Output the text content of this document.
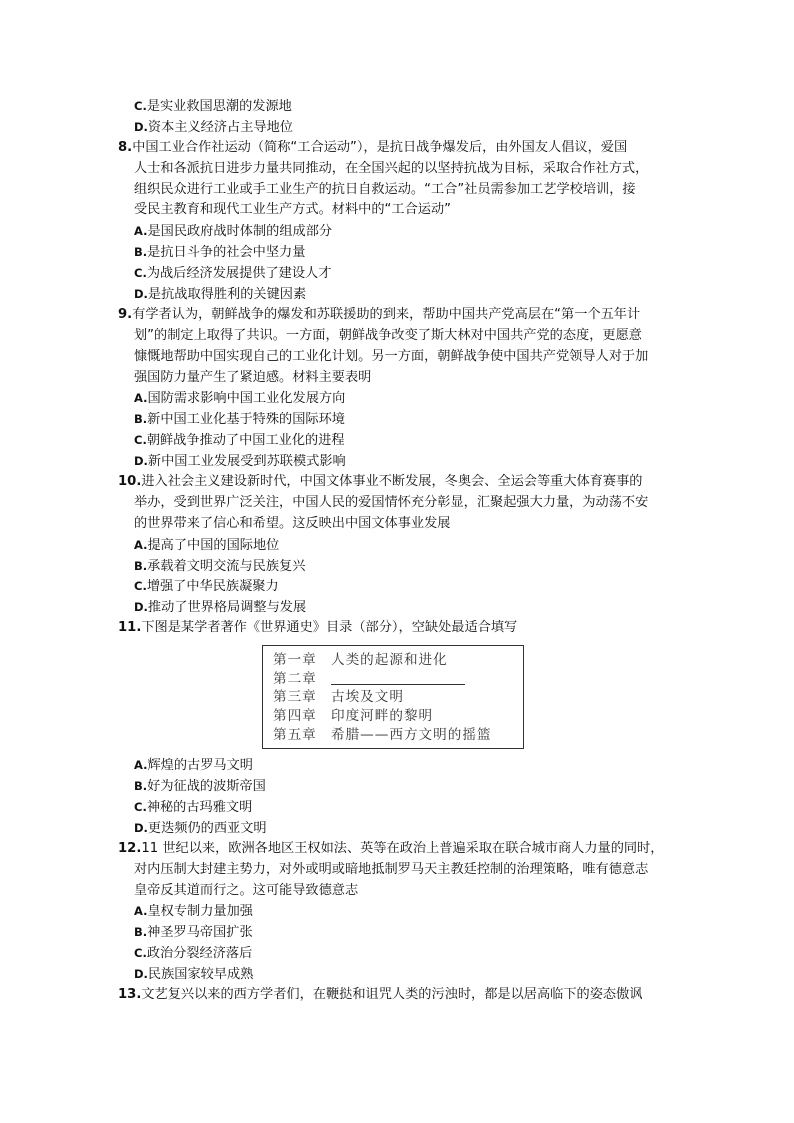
C.是实业救国思潮的发源地
D.资本主义经济占主导地位
8.中国工业合作社运动（简称“工合运动”），是抗日战争爆发后，由外国友人倡议，爱国
人士和各派抗日进步力量共同推动，在全国兴起的以坚持抗战为目标，采取合作社方式，
组织民众进行工业或手工业生产的抗日自救运动。“工合”社员需参加工艺学校培训，接
受民主教育和现代工业生产方式。材料中的“工合运动”
A.是国民政府战时体制的组成部分
B.是抗日斗争的社会中坚力量
C.为战后经济发展提供了建设人才
D.是抗战取得胜利的关键因素
9.有学者认为，朝鲜战争的爆发和苏联援助的到来，帮助中国共产党高层在“第一个五年计
划”的制定上取得了共识。一方面，朝鲜战争改变了斯大林对中国共产党的态度，更愿意
慷慨地帮助中国实现自己的工业化计划。另一方面，朝鲜战争使中国共产党领导人对于加
强国防力量产生了紧迫感。材料主要表明
A.国防需求影响中国工业化发展方向
B.新中国工业化基于特殊的国际环境
C.朝鲜战争推动了中国工业化的进程
D.新中国工业发展受到苏联模式影响
10.进入社会主义建设新时代，中国文体事业不断发展，冬奥会、全运会等重大体育赛事的
举办，受到世界广泛关注，中国人民的爱国情怀充分彰显，汇聚起强大力量，为动荡不安
的世界带来了信心和希望。这反映出中国文体事业发展
A.提高了中国的国际地位
B.承载着文明交流与民族复兴
C.增强了中华民族凝聚力
D.推动了世界格局调整与发展
11.下图是某学者著作《世界通史》目录（部分），空缺处最适合填写
第一章 人类的起源和进化
第二章
第三章 古埃及文明
第四章 印度河畔的黎明
第五章 希腊——西方文明的摇篮
A.辉煌的古罗马文明
B.好为征战的波斯帝国
C.神秘的古玛雅文明
D.更迭频仍的西亚文明
12.11 世纪以来，欧洲各地区王权如法、英等在政治上普遍采取在联合城市商人力量的同时，
对内压制大封建主势力，对外或明或暗地抵制罗马天主教廷控制的治理策略，唯有德意志
皇帝反其道而行之。这可能导致德意志
A.皇权专制力量加强
B.神圣罗马帝国扩张
C.政治分裂经济落后
D.民族国家较早成熟
13.文艺复兴以来的西方学者们，在鞭挞和诅咒人类的污浊时，都是以居高临下的姿态傲讽
